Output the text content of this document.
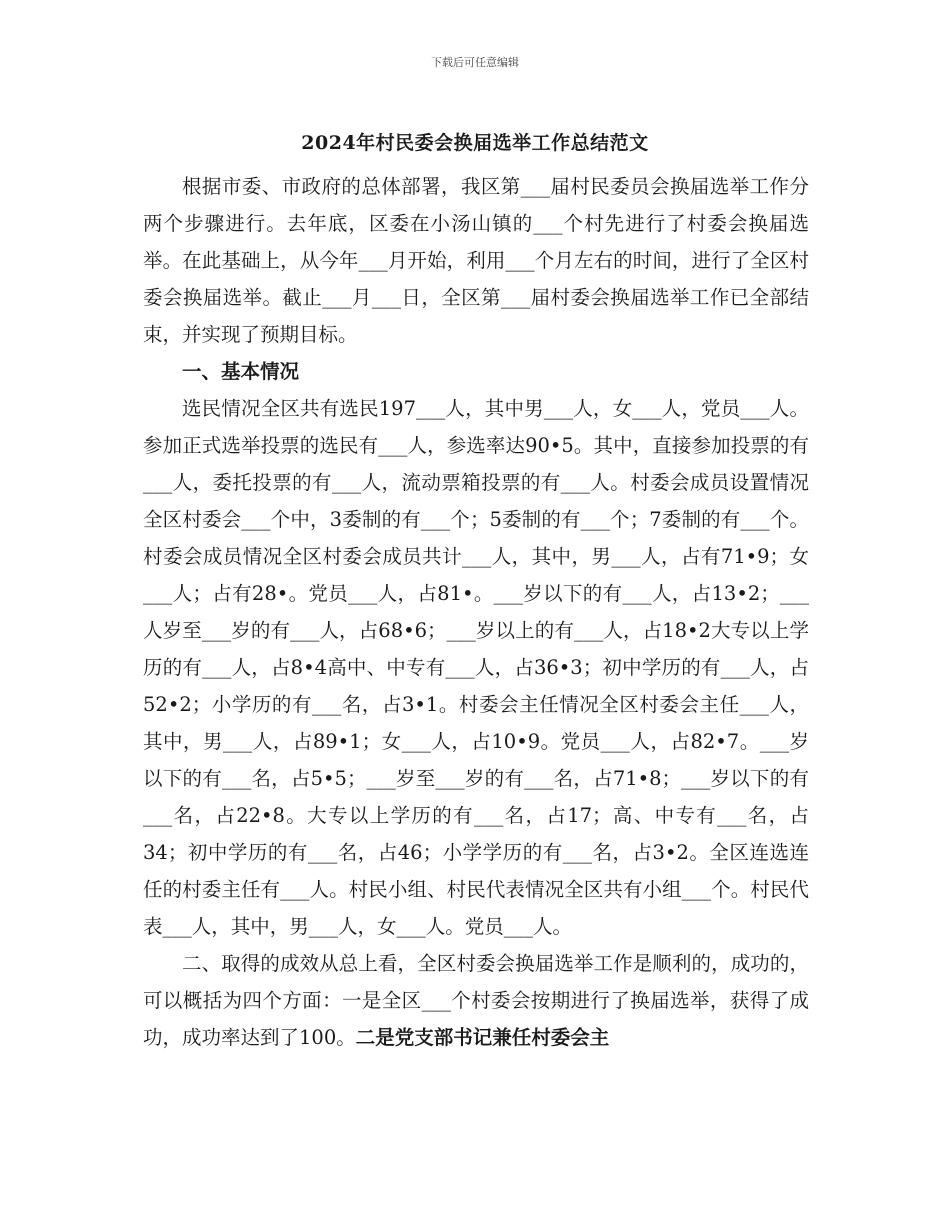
下载后可任意编辑
2024年村民委会换届选举工作总结范文

根据市委、市政府的总体部署，我区第___届村民委员会换届选举工作分两个步骤进行。去年底，区委在小汤山镇的___个村先进行了村委会换届选举。在此基础上，从今年___月开始，利用___个月左右的时间，进行了全区村委会换届选举。截止___月___日，全区第___届村委会换届选举工作已全部结束，并实现了预期目标。

一、基本情况

选民情况全区共有选民197___人，其中男___人，女___人，党员___人。参加正式选举投票的选民有___人，参选率达90•5。其中，直接参加投票的有___人，委托投票的有___人，流动票箱投票的有___人。村委会成员设置情况全区村委会___个中，3委制的有___个；5委制的有___个；7委制的有___个。村委会成员情况全区村委会成员共计___人，其中，男___人，占有71•9；女___人；占有28•。党员___人，占81•。___岁以下的有___人，占13•2；___人岁至___岁的有___人，占68•6；___岁以上的有___人，占18•2大专以上学历的有___人，占8•4高中、中专有___人，占36•3；初中学历的有___人，占52•2；小学历的有___名，占3•1。村委会主任情况全区村委会主任___人，其中，男___人，占89•1；女___人，占10•9。党员___人，占82•7。___岁以下的有___名，占5•5；___岁至___岁的有___名，占71•8；___岁以下的有___名，占22•8。大专以上学历的有___名，占17；高、中专有___名，占34；初中学历的有___名，占46；小学学历的有___名，占3•2。全区连选连任的村委主任有___人。村民小组、村民代表情况全区共有小组___个。村民代表___人，其中，男___人，女___人。党员___人。

二、取得的成效从总上看，全区村委会换届选举工作是顺利的，成功的，可以概括为四个方面：一是全区___个村委会按期进行了换届选举，获得了成功，成功率达到了100。二是党支部书记兼任村委会主
